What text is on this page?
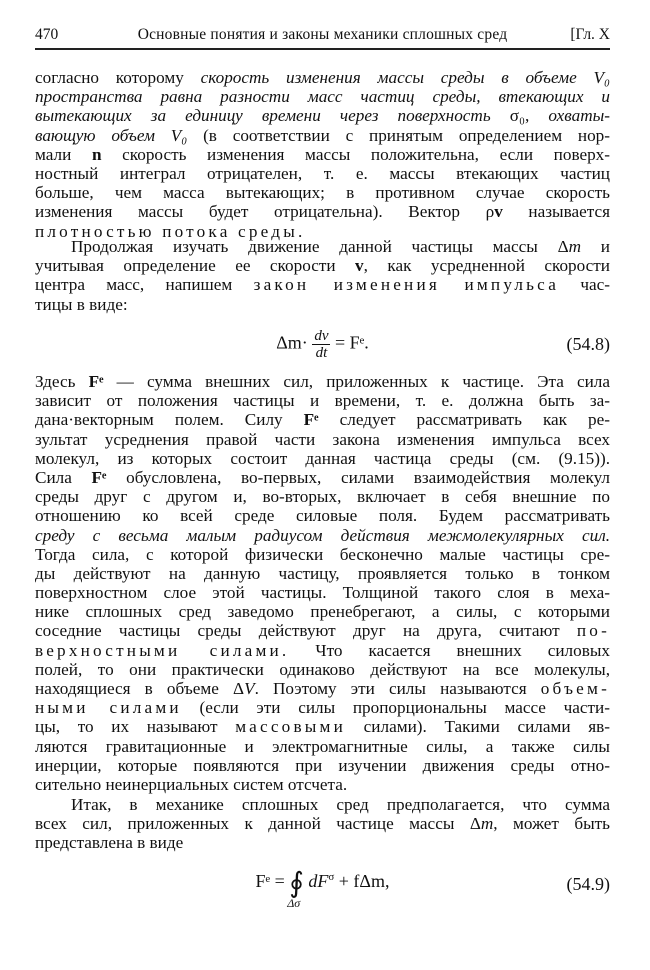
470	Основные понятия и законы механики сплошных сред	[Гл. X
согласно которому скорость изменения массы среды в объеме V₀
пространства равна разности масс частиц среды, втекающих и
вытекающих за единицу времени через поверхность σ₀, охваты-
вающую объем V₀ (в соответствии с принятым определением нор-
мали n скорость изменения массы положительна, если поверх-
ностный интеграл отрицателен, т. е. массы втекающих частиц
больше, чем масса вытекающих; в противном случае скорость
изменения массы будет отрицательна). Вектор ρv называется
плотностью потока среды.
Продолжая изучать движение данной частицы массы Δm и
учитывая определение ее скорости v, как усредненной скорости
центра масс, напишем закон изменения импульса час-
тицы в виде:
$\Delta m\cdot \frac{dv}{dt}$ = Fᵉ.	(54.8)
Здесь Fᵉ — сумма внешних сил, приложенных к частице. Эта сила
зависит от положения частицы и времени, т. е. должна быть за-
дана·векторным полем. Силу Fᵉ следует рассматривать как ре-
зультат усреднения правой части закона изменения импульса всех
молекул, из которых состоит данная частица среды (см. (9.15)).
Сила Fᵉ обусловлена, во-первых, силами взаимодействия молекул
среды друг с другом и, во-вторых, включает в себя внешние по
отношению ко всей среде силовые поля. Будем рассматривать
среду с весьма малым радиусом действия межмолекулярных сил.
Тогда сила, с которой физически бесконечно малые частицы сре-
ды действуют на данную частицу, проявляется только в тонком
поверхностном слое этой частицы. Толщиной такого слоя в меха-
нике сплошных сред заведомо пренебрегают, а силы, с которыми
соседние частицы среды действуют друг на друга, считают по-
верхностными силами. Что касается внешних силовых
полей, то они практически одинаково действуют на все молекулы,
находящиеся в объеме ΔV. Поэтому эти силы называются объем-
ными силами (если эти силы пропорциональны массе части-
цы, то их называют массовыми силами). Такими силами яв-
ляются гравитационные и электромагнитные силы, а также силы
инерции, которые появляются при изучении движения среды отно-
сительно неинерциальных систем отсчета.
Итак, в механике сплошных сред предполагается, что сумма
всех сил, приложенных к данной частице массы Δm, может быть
представлена в виде
Fᵉ = ∮
Δσ
$dF^\sigma + f\Delta m$,	(54.9)
